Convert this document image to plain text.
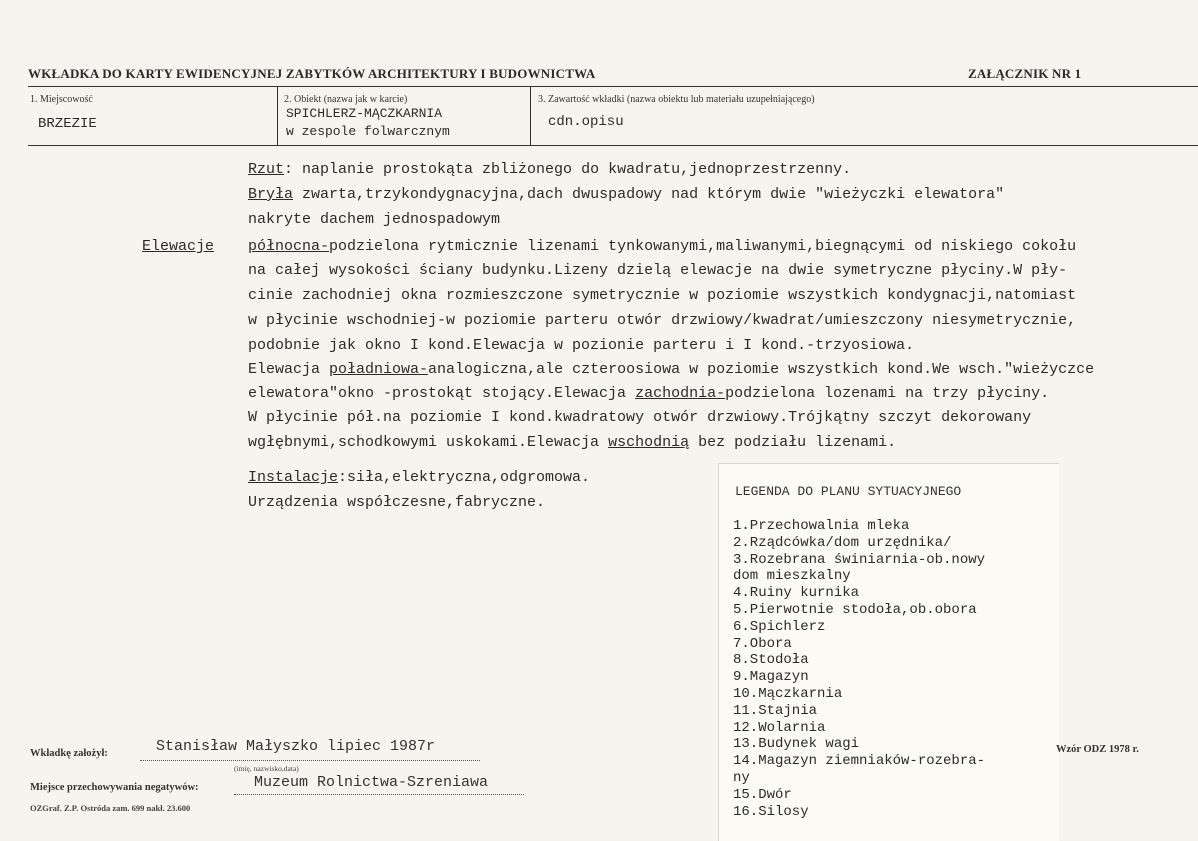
WKŁADKA DO KARTY EWIDENCYJNEJ ZABYTKÓW ARCHITEKTURY I BUDOWNICTWA	ZAŁĄCZNIK NR 1
1. Miejscowość
BRZEZIE
2. Obiekt (nazwa jak w karcie)
SPICHLERZ-MĄCZKARNIA
w zespole folwarcznym
3. Zawartość wkładki (nazwa obiektu lub materiału uzupełniającego)
cdn.opisu
Rzut: naplanie prostokąta zbliżonego do kwadratu,jednoprzestrzenny.
Bryła zwarta,trzykondygnacyjna,dach dwuspadowy nad którym dwie "wieżyczki elewatora"
nakryte dachem jednospadowym
Elewacje północna-podzielona rytmicznie lizenami tynkowanymi,maliwanymi,biegnącymi od niskiego cokołu
na całej wysokości ściany budynku.Lizeny dzielą elewacje na dwie symetryczne płyciny.W pły-
cinie zachodniej okna rozmieszczone symetrycznie w poziomie wszystkich kondygnacji,natomiast
w płycinie wschodniej-w poziomie parteru otwór drzwiowy/kwadrat/umieszczony niesymetrycznie,
podobnie jak okno I kond.Elewacja w pozionie parteru i I kond.-trzyosiowa.
Elewacja poładniowa-analogiczna,ale czteroosiowa w poziomie wszystkich kond.We wsch."wieżyczce
elewatora"okno -prostokąt stojący.Elewacja zachodnia-podzielona lozenami na trzy płyciny.
W płycinie pół.na poziomie I kond.kwadratowy otwór drzwiowy.Trójkątny szczyt dekorowany
wgłębnymi,schodkowymi uskokami.Elewacja wschodnią bez podziału lizenami.
Instalacje:siła,elektryczna,odgromowa.
Urządzenia współczesne,fabryczne.
LEGENDA DO PLANU SYTUACYJNEGO
1.Przechowalnia mleka
2.Rządcówka/dom urzędnika/
3.Rozebrana świniarnia-ob.nowy
dom mieszkalny
4.Ruiny kurnika
5.Pierwotnie stodoła,ob.obora
6.Spichlerz
7.Obora
8.Stodoła
9.Magazyn
10.Mączkarnia
11.Stajnia
12.Wolarnia
13.Budynek wagi
14.Magazyn ziemniaków-rozebra-
ny
15.Dwór
16.Silosy
Wkładkę założył:	Stanisław Małyszko lipiec 1987r
(imię, nazwisko,data)
Miejsce przechowywania negatywów:	Muzeum Rolnictwa-Szreniawa
OZGraf. Z.P. Ostróda zam. 699 nakł. 23.600
Wzór ODZ 1978 r.
